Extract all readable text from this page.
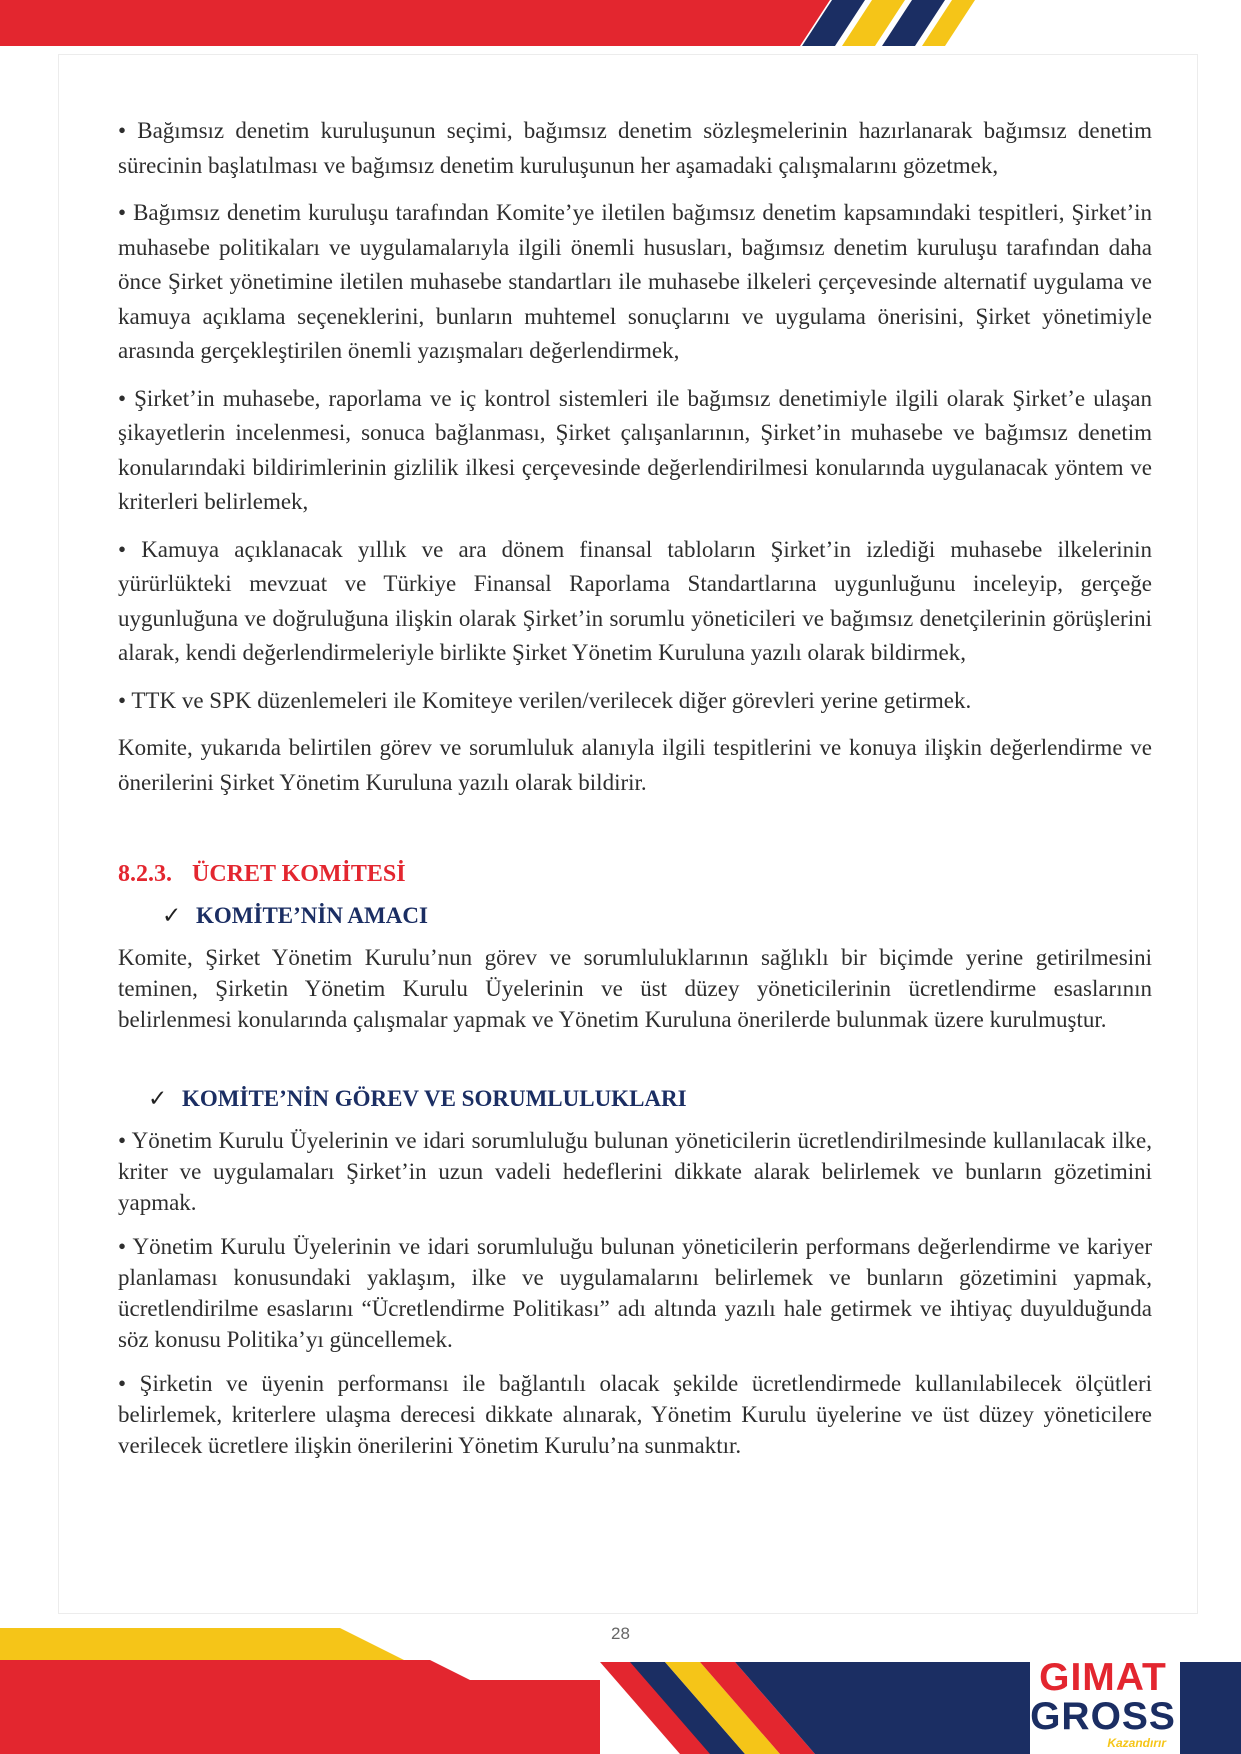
• Bağımsız denetim kuruluşunun seçimi, bağımsız denetim sözleşmelerinin hazırlanarak bağımsız denetim sürecinin başlatılması ve bağımsız denetim kuruluşunun her aşamadaki çalışmalarını gözetmek,

• Bağımsız denetim kuruluşu tarafından Komite’ye iletilen bağımsız denetim kapsamındaki tespitleri, Şirket’in muhasebe politikaları ve uygulamalarıyla ilgili önemli hususları, bağımsız denetim kuruluşu tarafından daha önce Şirket yönetimine iletilen muhasebe standartları ile muhasebe ilkeleri çerçevesinde alternatif uygulama ve kamuya açıklama seçeneklerini, bunların muhtemel sonuçlarını ve uygulama önerisini, Şirket yönetimiyle arasında gerçekleştirilen önemli yazışmaları değerlendirmek,

• Şirket’in muhasebe, raporlama ve iç kontrol sistemleri ile bağımsız denetimiyle ilgili olarak Şirket’e ulaşan şikayetlerin incelenmesi, sonuca bağlanması, Şirket çalışanlarının, Şirket’in muhasebe ve bağımsız denetim konularındaki bildirimlerinin gizlilik ilkesi çerçevesinde değerlendirilmesi konularında uygulanacak yöntem ve kriterleri belirlemek,

• Kamuya açıklanacak yıllık ve ara dönem finansal tabloların Şirket’in izlediği muhasebe ilkelerinin yürürlükteki mevzuat ve Türkiye Finansal Raporlama Standartlarına uygunluğunu inceleyip, gerçeğe uygunluğuna ve doğruluğuna ilişkin olarak Şirket’in sorumlu yöneticileri ve bağımsız denetçilerinin görüşlerini alarak, kendi değerlendirmeleriyle birlikte Şirket Yönetim Kuruluna yazılı olarak bildirmek,

• TTK ve SPK düzenlemeleri ile Komiteye verilen/verilecek diğer görevleri yerine getirmek.

Komite, yukarıda belirtilen görev ve sorumluluk alanıyla ilgili tespitlerini ve konuya ilişkin değerlendirme ve önerilerini Şirket Yönetim Kuruluna yazılı olarak bildirir.

8.2.3. ÜCRET KOMİTESİ
✓ KOMİTE’NİN AMACI

Komite, Şirket Yönetim Kurulu’nun görev ve sorumluluklarının sağlıklı bir biçimde yerine getirilmesini teminen, Şirketin Yönetim Kurulu Üyelerinin ve üst düzey yöneticilerinin ücretlendirme esaslarının belirlenmesi konularında çalışmalar yapmak ve Yönetim Kuruluna önerilerde bulunmak üzere kurulmuştur.

✓ KOMİTE’NİN GÖREV VE SORUMLULUKLARI

• Yönetim Kurulu Üyelerinin ve idari sorumluluğu bulunan yöneticilerin ücretlendirilmesinde kullanılacak ilke, kriter ve uygulamaları Şirket’in uzun vadeli hedeflerini dikkate alarak belirlemek ve bunların gözetimini yapmak.

• Yönetim Kurulu Üyelerinin ve idari sorumluluğu bulunan yöneticilerin performans değerlendirme ve kariyer planlaması konusundaki yaklaşım, ilke ve uygulamalarını belirlemek ve bunların gözetimini yapmak, ücretlendirilme esaslarını “Ücretlendirme Politikası” adı altında yazılı hale getirmek ve ihtiyaç duyulduğunda söz konusu Politika’yı güncellemek.

• Şirketin ve üyenin performansı ile bağlantılı olacak şekilde ücretlendirmede kullanılabilecek ölçütleri belirlemek, kriterlere ulaşma derecesi dikkate alınarak, Yönetim Kurulu üyelerine ve üst düzey yöneticilere verilecek ücretlere ilişkin önerilerini Yönetim Kurulu’na sunmaktır.

28
GIMAT
GROSS
Kazandırır
